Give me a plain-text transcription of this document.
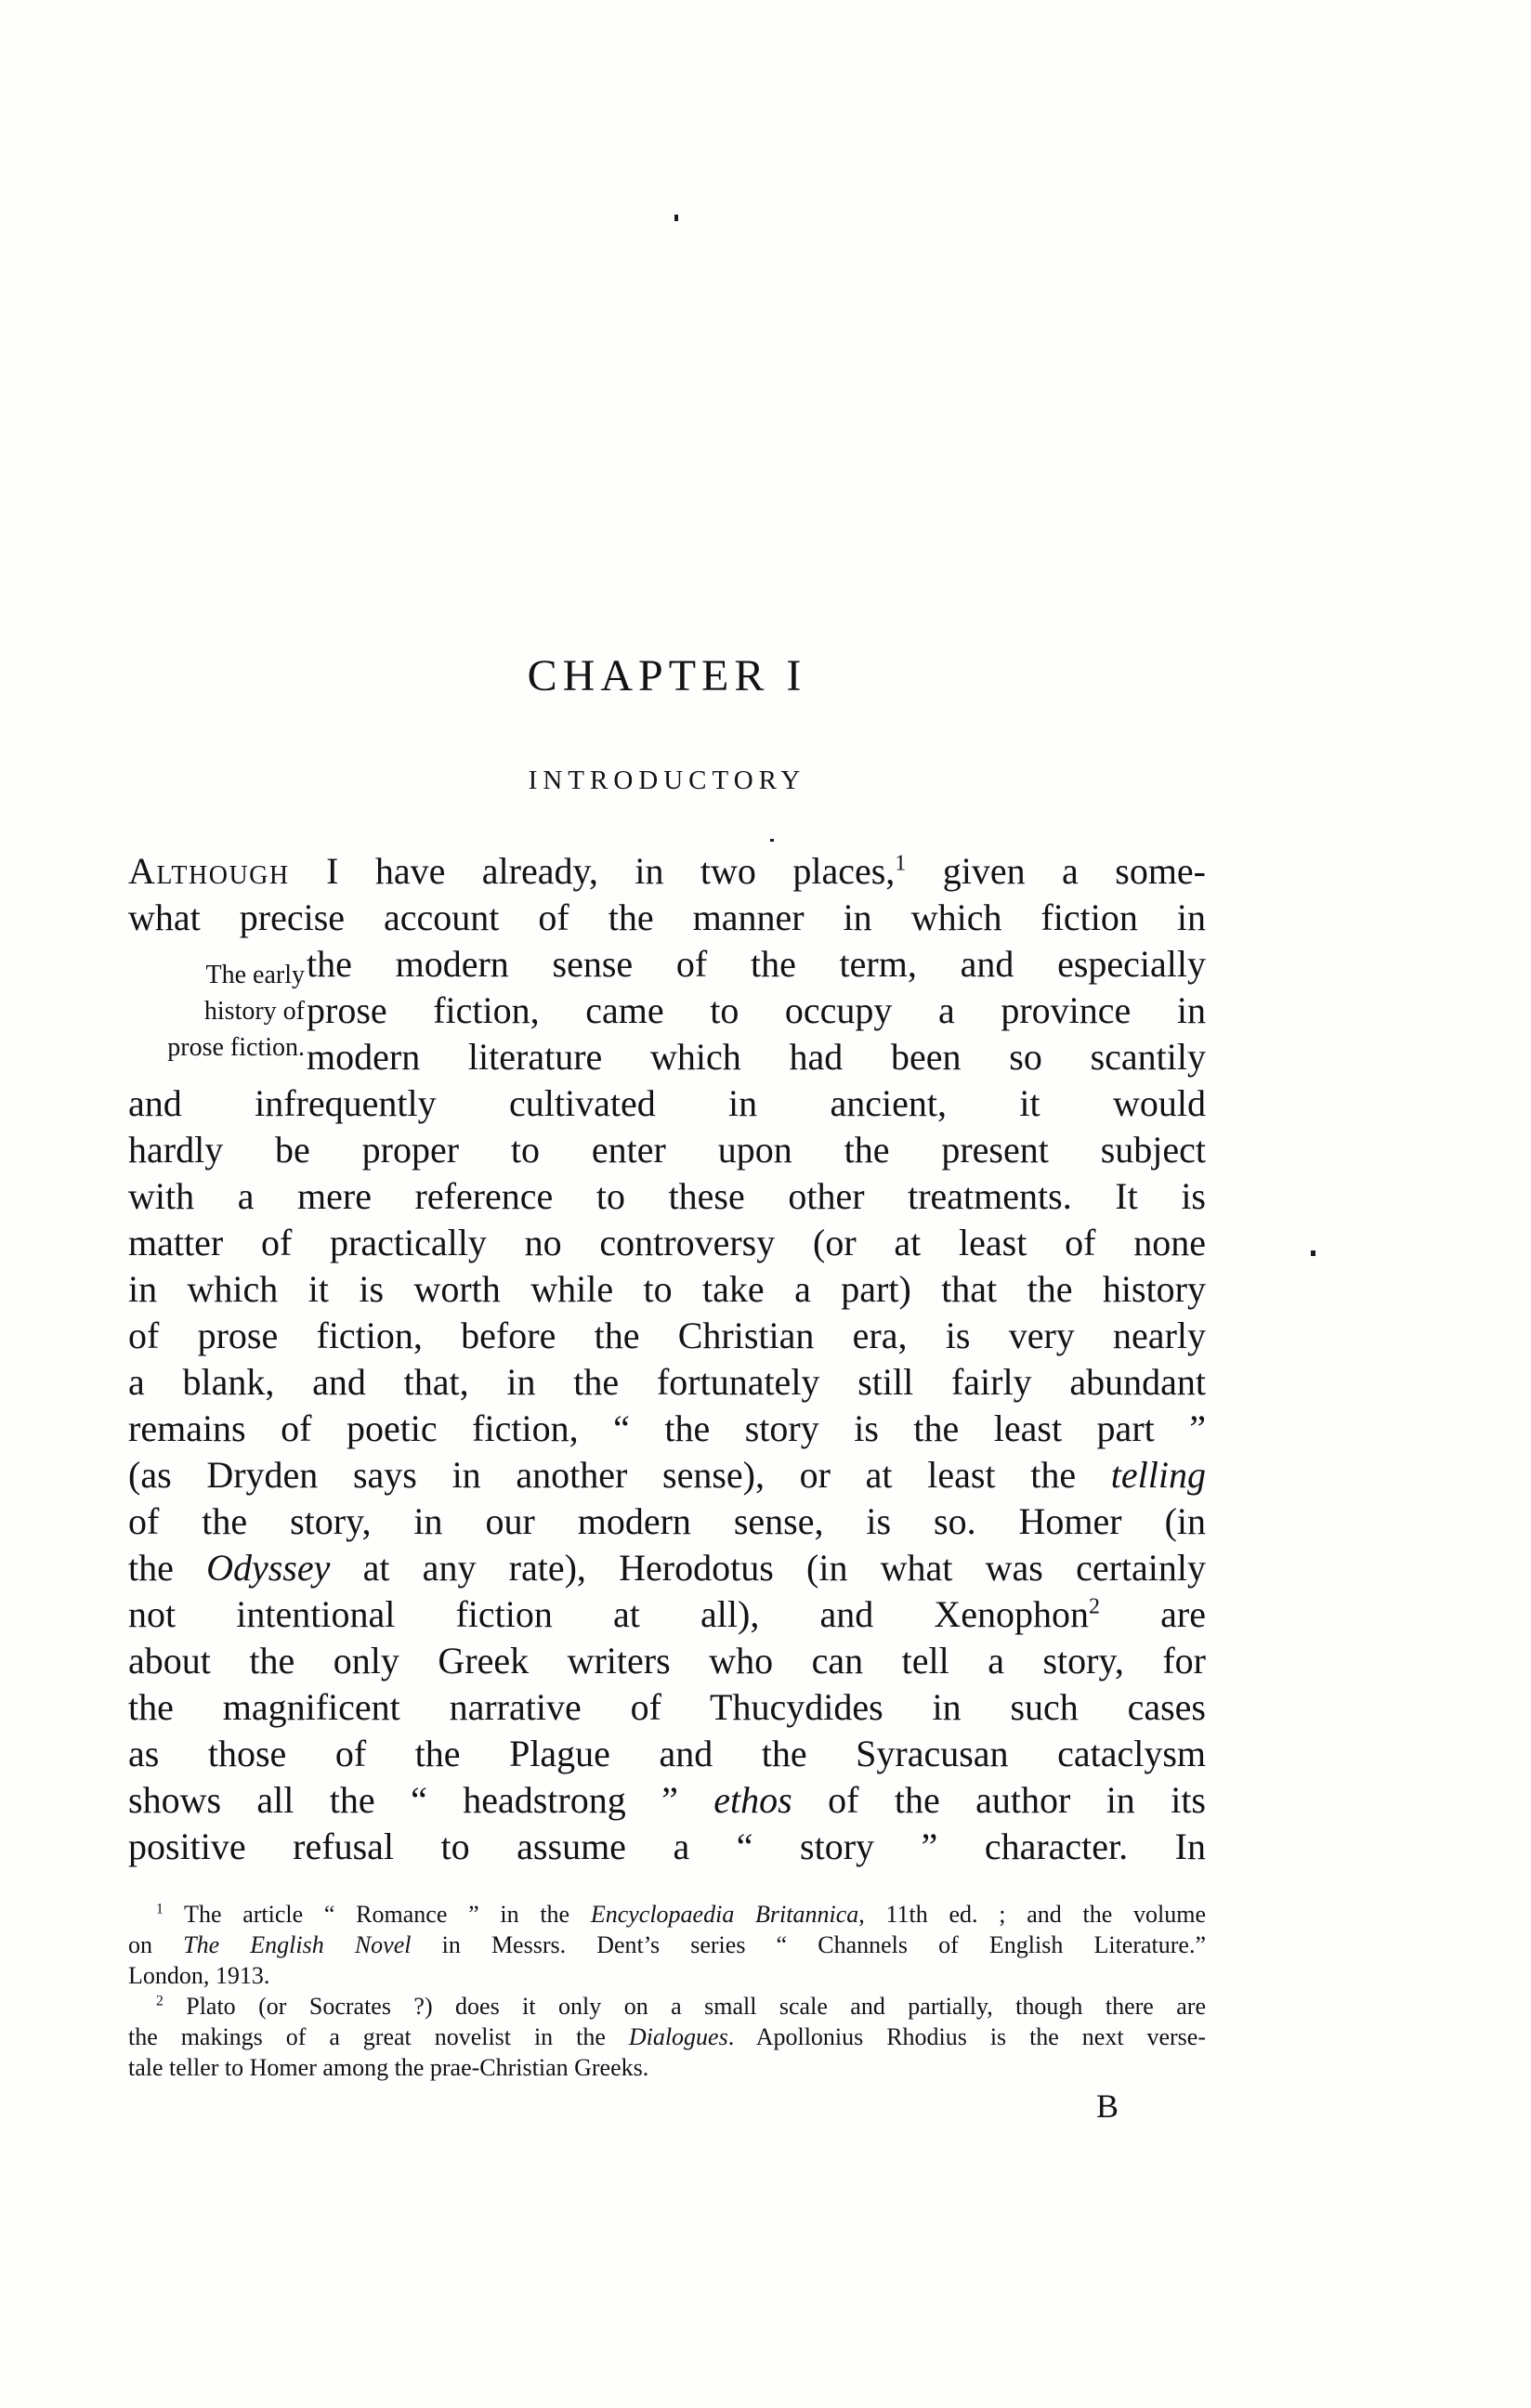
CHAPTER I
INTRODUCTORY
The early
history of
prose fiction.
Although I have already, in two places,$^1$ given a some-
what precise account of the manner in which fiction in
the modern sense of the term, and especially
prose fiction, came to occupy a province in
modern literature which had been so scantily
and infrequently cultivated in ancient, it would
hardly be proper to enter upon the present subject
with a mere reference to these other treatments. It is
matter of practically no controversy (or at least of none
in which it is worth while to take a part) that the history
of prose fiction, before the Christian era, is very nearly
a blank, and that, in the fortunately still fairly abundant
remains of poetic fiction, “ the story is the least part ”
(as Dryden says in another sense), or at least the telling
of the story, in our modern sense, is so. Homer (in
the Odyssey at any rate), Herodotus (in what was certainly
not intentional fiction at all), and Xenophon$^2$ are
about the only Greek writers who can tell a story, for
the magnificent narrative of Thucydides in such cases
as those of the Plague and the Syracusan cataclysm
shows all the “ headstrong ” ethos of the author in its
positive refusal to assume a “ story ” character. In
$^1$ The article “ Romance ” in the Encyclopaedia Britannica, 11th ed. ; and the volume
on The English Novel in Messrs. Dent’s series “ Channels of English Literature.”
London, 1913.
$^2$ Plato (or Socrates ?) does it only on a small scale and partially, though there are
the makings of a great novelist in the Dialogues. Apollonius Rhodius is the next verse-
tale teller to Homer among the prae-Christian Greeks.
B
